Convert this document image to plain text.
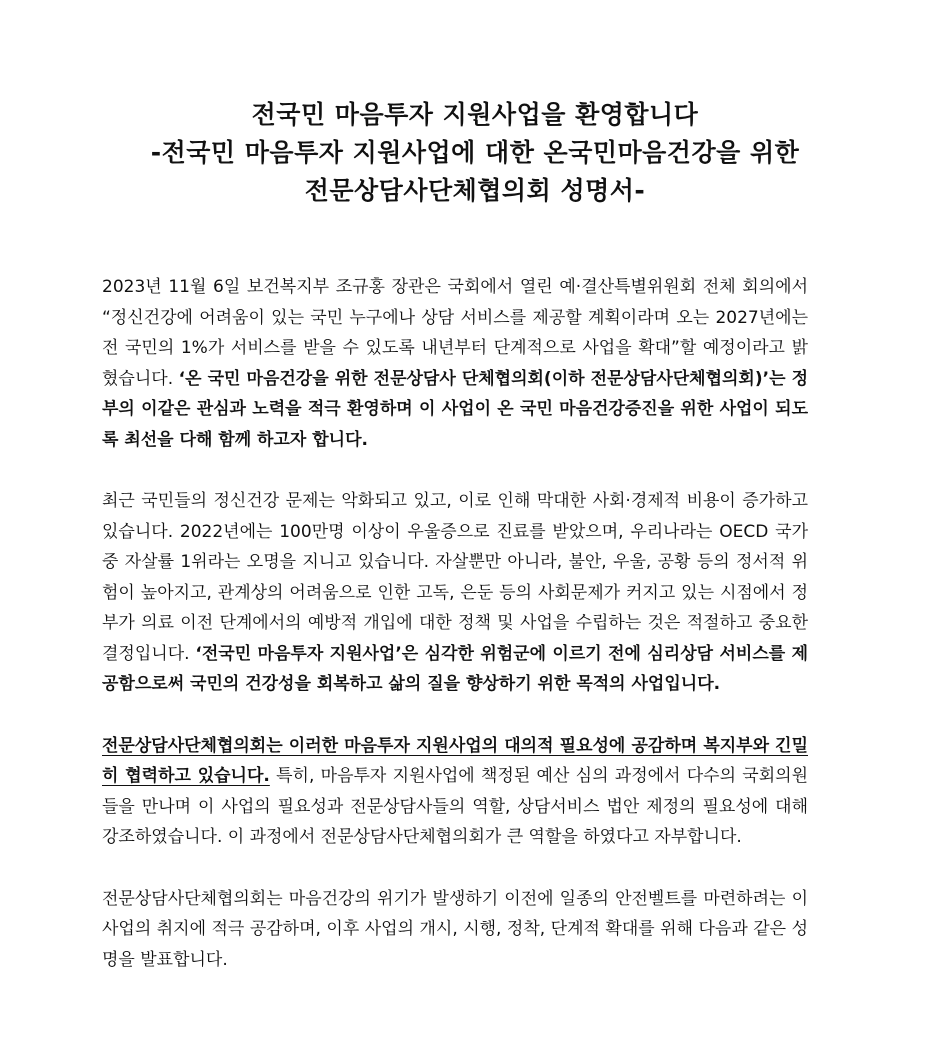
전국민 마음투자 지원사업을 환영합니다
-전국민 마음투자 지원사업에 대한 온국민마음건강을 위한
전문상담사단체협의회 성명서-

2023년 11월 6일 보건복지부 조규홍 장관은 국회에서 열린 예·결산특별위원회 전체 회의에서 “정신건강에 어려움이 있는 국민 누구에나 상담 서비스를 제공할 계획이라며 오는 2027년에는 전 국민의 1%가 서비스를 받을 수 있도록 내년부터 단계적으로 사업을 확대”할 예정이라고 밝혔습니다. ‘온 국민 마음건강을 위한 전문상담사 단체협의회(이하 전문상담사단체협의회)’는 정부의 이같은 관심과 노력을 적극 환영하며 이 사업이 온 국민 마음건강증진을 위한 사업이 되도록 최선을 다해 함께 하고자 합니다.

최근 국민들의 정신건강 문제는 악화되고 있고, 이로 인해 막대한 사회·경제적 비용이 증가하고 있습니다. 2022년에는 100만명 이상이 우울증으로 진료를 받았으며, 우리나라는 OECD 국가 중 자살률 1위라는 오명을 지니고 있습니다. 자살뿐만 아니라, 불안, 우울, 공황 등의 정서적 위험이 높아지고, 관계상의 어려움으로 인한 고독, 은둔 등의 사회문제가 커지고 있는 시점에서 정부가 의료 이전 단계에서의 예방적 개입에 대한 정책 및 사업을 수립하는 것은 적절하고 중요한 결정입니다. ‘전국민 마음투자 지원사업’은 심각한 위험군에 이르기 전에 심리상담 서비스를 제공함으로써 국민의 건강성을 회복하고 삶의 질을 향상하기 위한 목적의 사업입니다.

전문상담사단체협의회는 이러한 마음투자 지원사업의 대의적 필요성에 공감하며 복지부와 긴밀히 협력하고 있습니다. 특히, 마음투자 지원사업에 책정된 예산 심의 과정에서 다수의 국회의원들을 만나며 이 사업의 필요성과 전문상담사들의 역할, 상담서비스 법안 제정의 필요성에 대해 강조하였습니다. 이 과정에서 전문상담사단체협의회가 큰 역할을 하였다고 자부합니다.

전문상담사단체협의회는 마음건강의 위기가 발생하기 이전에 일종의 안전벨트를 마련하려는 이 사업의 취지에 적극 공감하며, 이후 사업의 개시, 시행, 정착, 단계적 확대를 위해 다음과 같은 성명을 발표합니다.
